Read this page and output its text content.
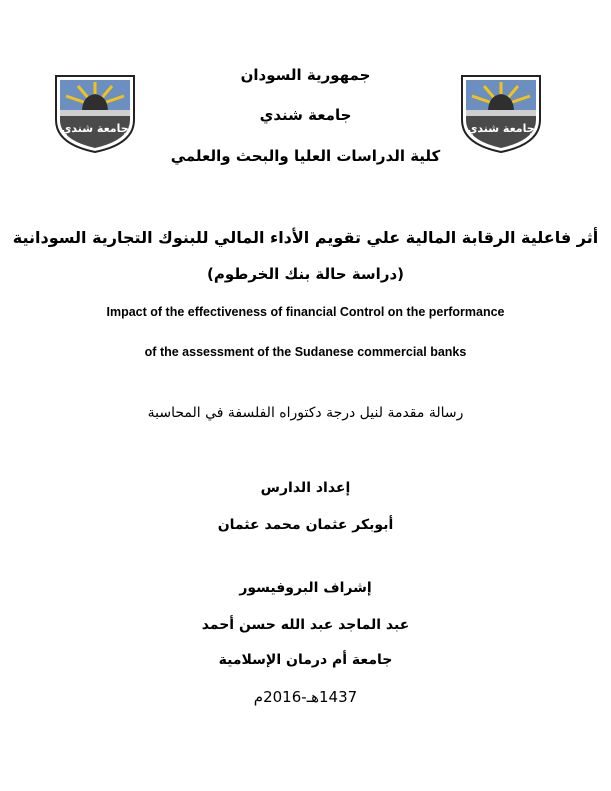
جامعة شندي	جامعة شندي
جمهورية السودان
جامعة شندي
كلية الدراسات العليا والبحث والعلمي
أثر فاعلية الرقابة المالية علي تقويم الأداء المالي للبنوك التجارية السودانية
(دراسة حالة بنك الخرطوم)
Impact of the effectiveness of financial Control on the performance
of the assessment of the Sudanese commercial banks
رسالة مقدمة لنيل درجة دكتوراه الفلسفة في المحاسبة
إعداد الدارس
أبوبكر عثمان محمد عثمان
إشراف البروفيسور
عبد الماجد عبد الله حسن أحمد
جامعة أم درمان الإسلامية
1437هـ-2016م
